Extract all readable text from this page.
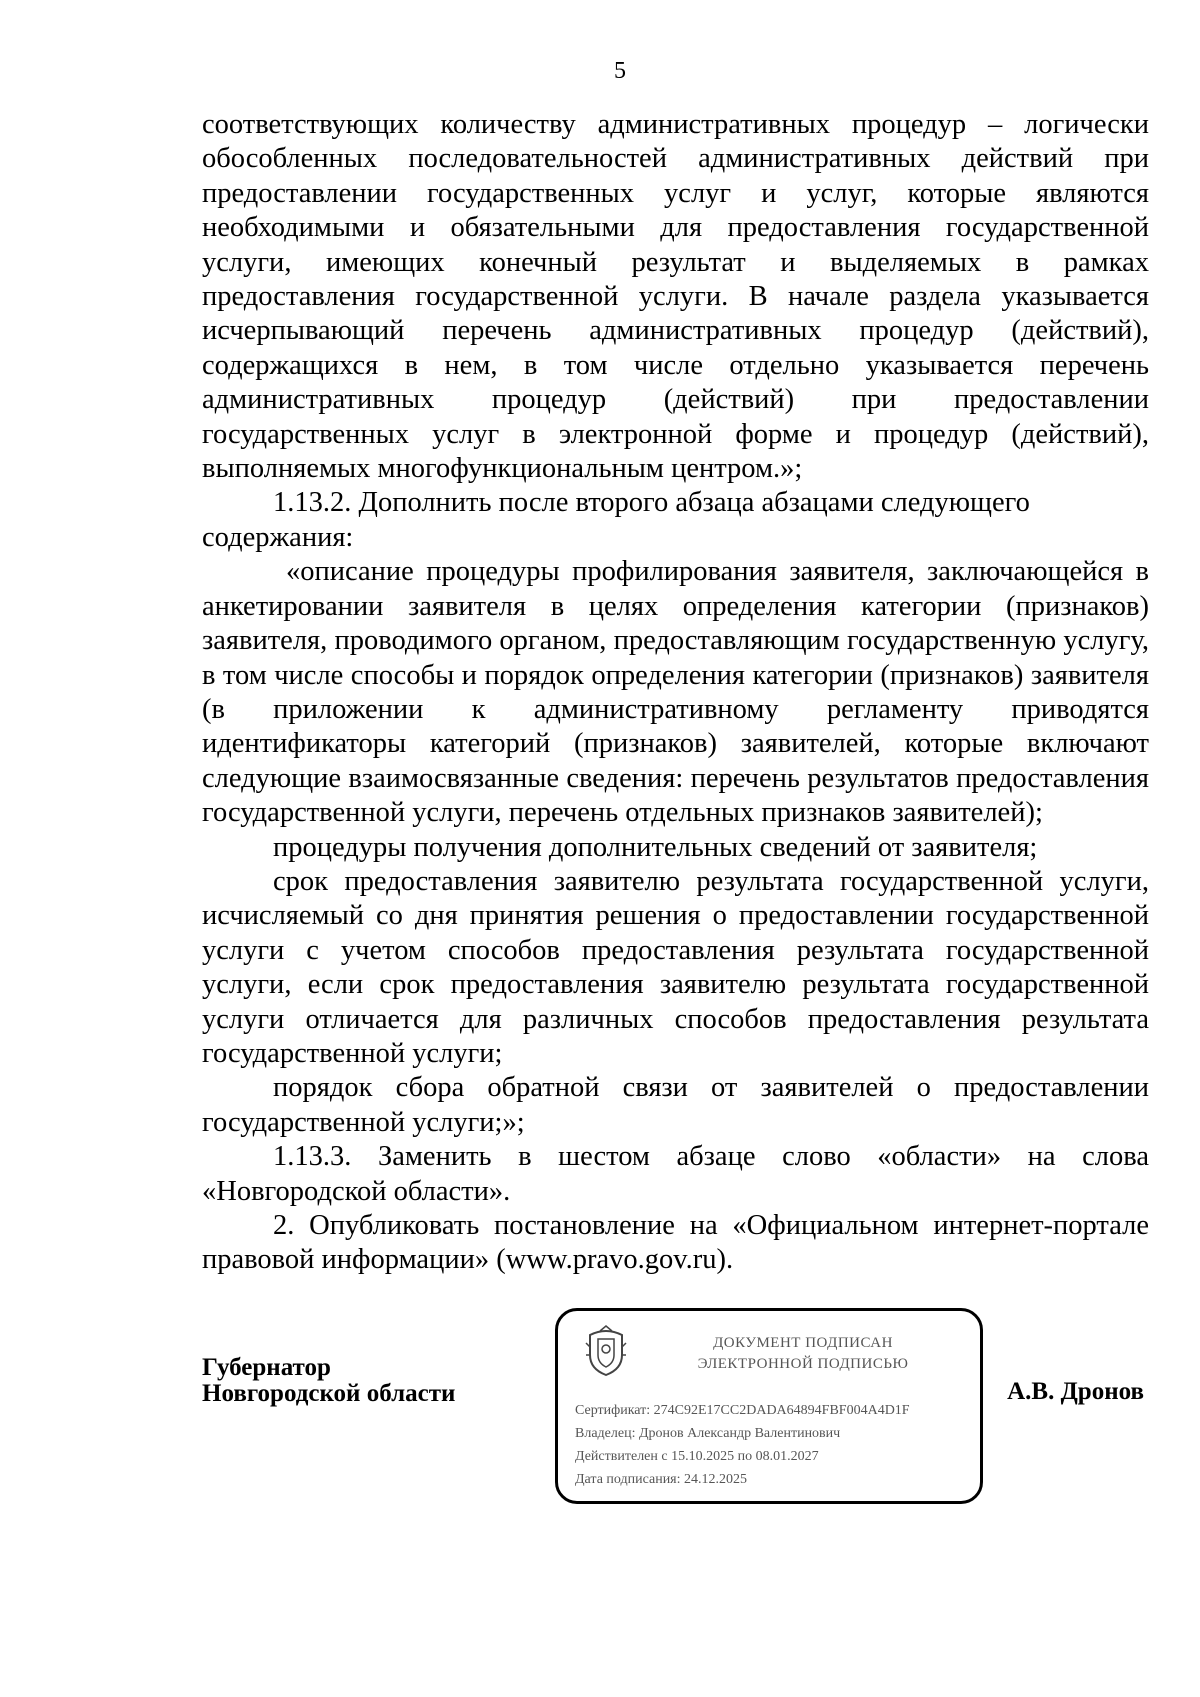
5

соответствующих количеству административных процедур – логически обособленных последовательностей административных действий при предоставлении государственных услуг и услуг, которые являются необходимыми и обязательными для предоставления государственной услуги, имеющих конечный результат и выделяемых в рамках предоставления государственной услуги. В начале раздела указывается исчерпывающий перечень административных процедур (действий), содержащихся в нем, в том числе отдельно указывается перечень административных процедур (действий) при предоставлении государственных услуг в электронной форме и процедур (действий), выполняемых многофункциональным центром.»;

1.13.2. Дополнить после второго абзаца абзацами следующего содержания:

«описание процедуры профилирования заявителя, заключающейся в анкетировании заявителя в целях определения категории (признаков) заявителя, проводимого органом, предоставляющим государственную услугу, в том числе способы и порядок определения категории (признаков) заявителя (в приложении к административному регламенту приводятся идентификаторы категорий (признаков) заявителей, которые включают следующие взаимосвязанные сведения: перечень результатов предоставления государственной услуги, перечень отдельных признаков заявителей);

процедуры получения дополнительных сведений от заявителя;

срок предоставления заявителю результата государственной услуги, исчисляемый со дня принятия решения о предоставлении государственной услуги с учетом способов предоставления результата государственной услуги, если срок предоставления заявителю результата государственной услуги отличается для различных способов предоставления результата государственной услуги;

порядок сбора обратной связи от заявителей о предоставлении государственной услуги;»;

1.13.3. Заменить в шестом абзаце слово «области» на слова «Новгородской области».

2. Опубликовать постановление на «Официальном интернет-портале правовой информации» (www.pravo.gov.ru).

Губернатор
Новгородской области
ДОКУМЕНТ ПОДПИСАН
ЭЛЕКТРОННОЙ ПОДПИСЬЮ
Сертификат: 274C92E17CC2DADA64894FBF004A4D1F
Владелец: Дронов Александр Валентинович
Действителен с 15.10.2025 по 08.01.2027
Дата подписания: 24.12.2025
А.В. Дронов
